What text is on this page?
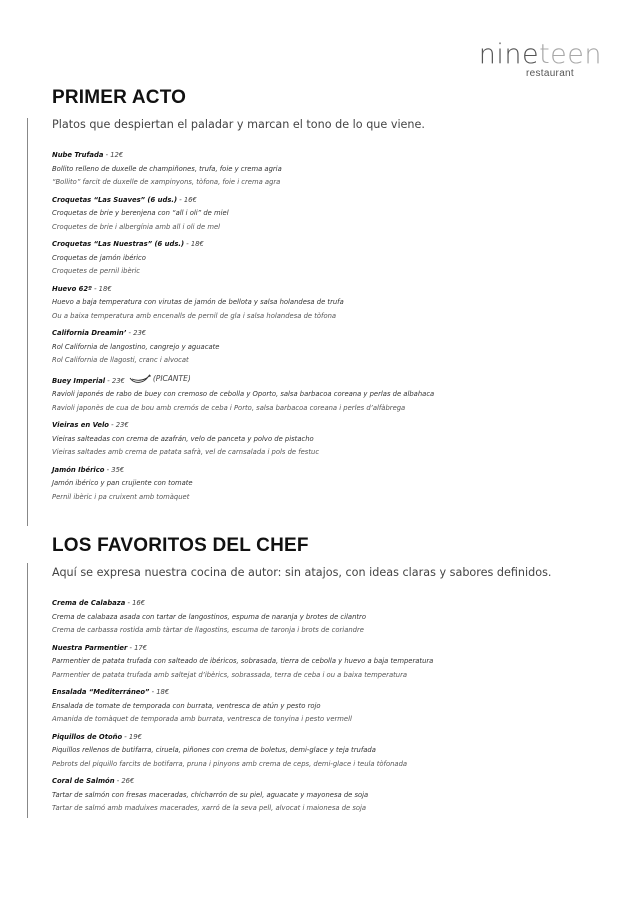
nineteen
restaurant
PRIMER ACTO
Platos que despiertan el paladar y marcan el tono de lo que viene.
Nube Trufada - 12€
Bollito relleno de duxelle de champiñones, trufa, foie y crema agria
“Bollito” farcit de duxelle de xampinyons, tòfona, foie i crema agra
Croquetas “Las Suaves” (6 uds.) - 16€
Croquetas de brie y berenjena con “all i oli” de miel
Croquetes de brie i albergínia amb all i oli de mel
Croquetas “Las Nuestras” (6 uds.) - 18€
Croquetas de jamón ibérico
Croquetes de pernil ibèric
Huevo 62º - 18€
Huevo a baja temperatura con virutas de jamón de bellota y salsa holandesa de trufa
Ou a baixa temperatura amb encenalls de pernil de gla i salsa holandesa de tòfona
California Dreamin’ - 23€
Rol California de langostino, cangrejo y aguacate
Rol California de llagosti, cranc i alvocat
Buey Imperial - 23€	(PICANTE)
Ravioli japonés de rabo de buey con cremoso de cebolla y Oporto, salsa barbacoa coreana y perlas de albahaca
Ravioli japonès de cua de bou amb cremós de ceba i Porto, salsa barbacoa coreana i perles d’alfàbrega
Vieiras en Velo - 23€
Vieiras salteadas con crema de azafrán, velo de panceta y polvo de pistacho
Vieiras saltades amb crema de patata safrà, vel de carnsalada i pols de festuc
Jamón Ibérico - 35€
Jamón ibérico y pan crujiente con tomate
Pernil ibèric i pa cruixent amb tomàquet
LOS FAVORITOS DEL CHEF
Aquí se expresa nuestra cocina de autor: sin atajos, con ideas claras y sabores definidos.
Crema de Calabaza - 16€
Crema de calabaza asada con tartar de langostinos, espuma de naranja y brotes de cilantro
Crema de carbassa rostida amb tàrtar de llagostins, escuma de taronja i brots de coriandre
Nuestra Parmentier - 17€
Parmentier de patata trufada con salteado de ibéricos, sobrasada, tierra de cebolla y huevo a baja temperatura
Parmentier de patata trufada amb saltejat d’ibèrics, sobrassada, terra de ceba i ou a baixa temperatura
Ensalada “Mediterráneo” - 18€
Ensalada de tomate de temporada con burrata, ventresca de atún y pesto rojo
Amanida de tomàquet de temporada amb burrata, ventresca de tonyina i pesto vermell
Piquillos de Otoño - 19€
Piquillos rellenos de butifarra, ciruela, piñones con crema de boletus, demi-glace y teja trufada
Pebrots del piquillo farcits de botifarra, pruna i pinyons amb crema de ceps, demi-glace i teula tòfonada
Coral de Salmón - 26€
Tartar de salmón con fresas maceradas, chicharrón de su piel, aguacate y mayonesa de soja
Tartar de salmó amb maduixes macerades, xarró de la seva pell, alvocat i maionesa de soja
